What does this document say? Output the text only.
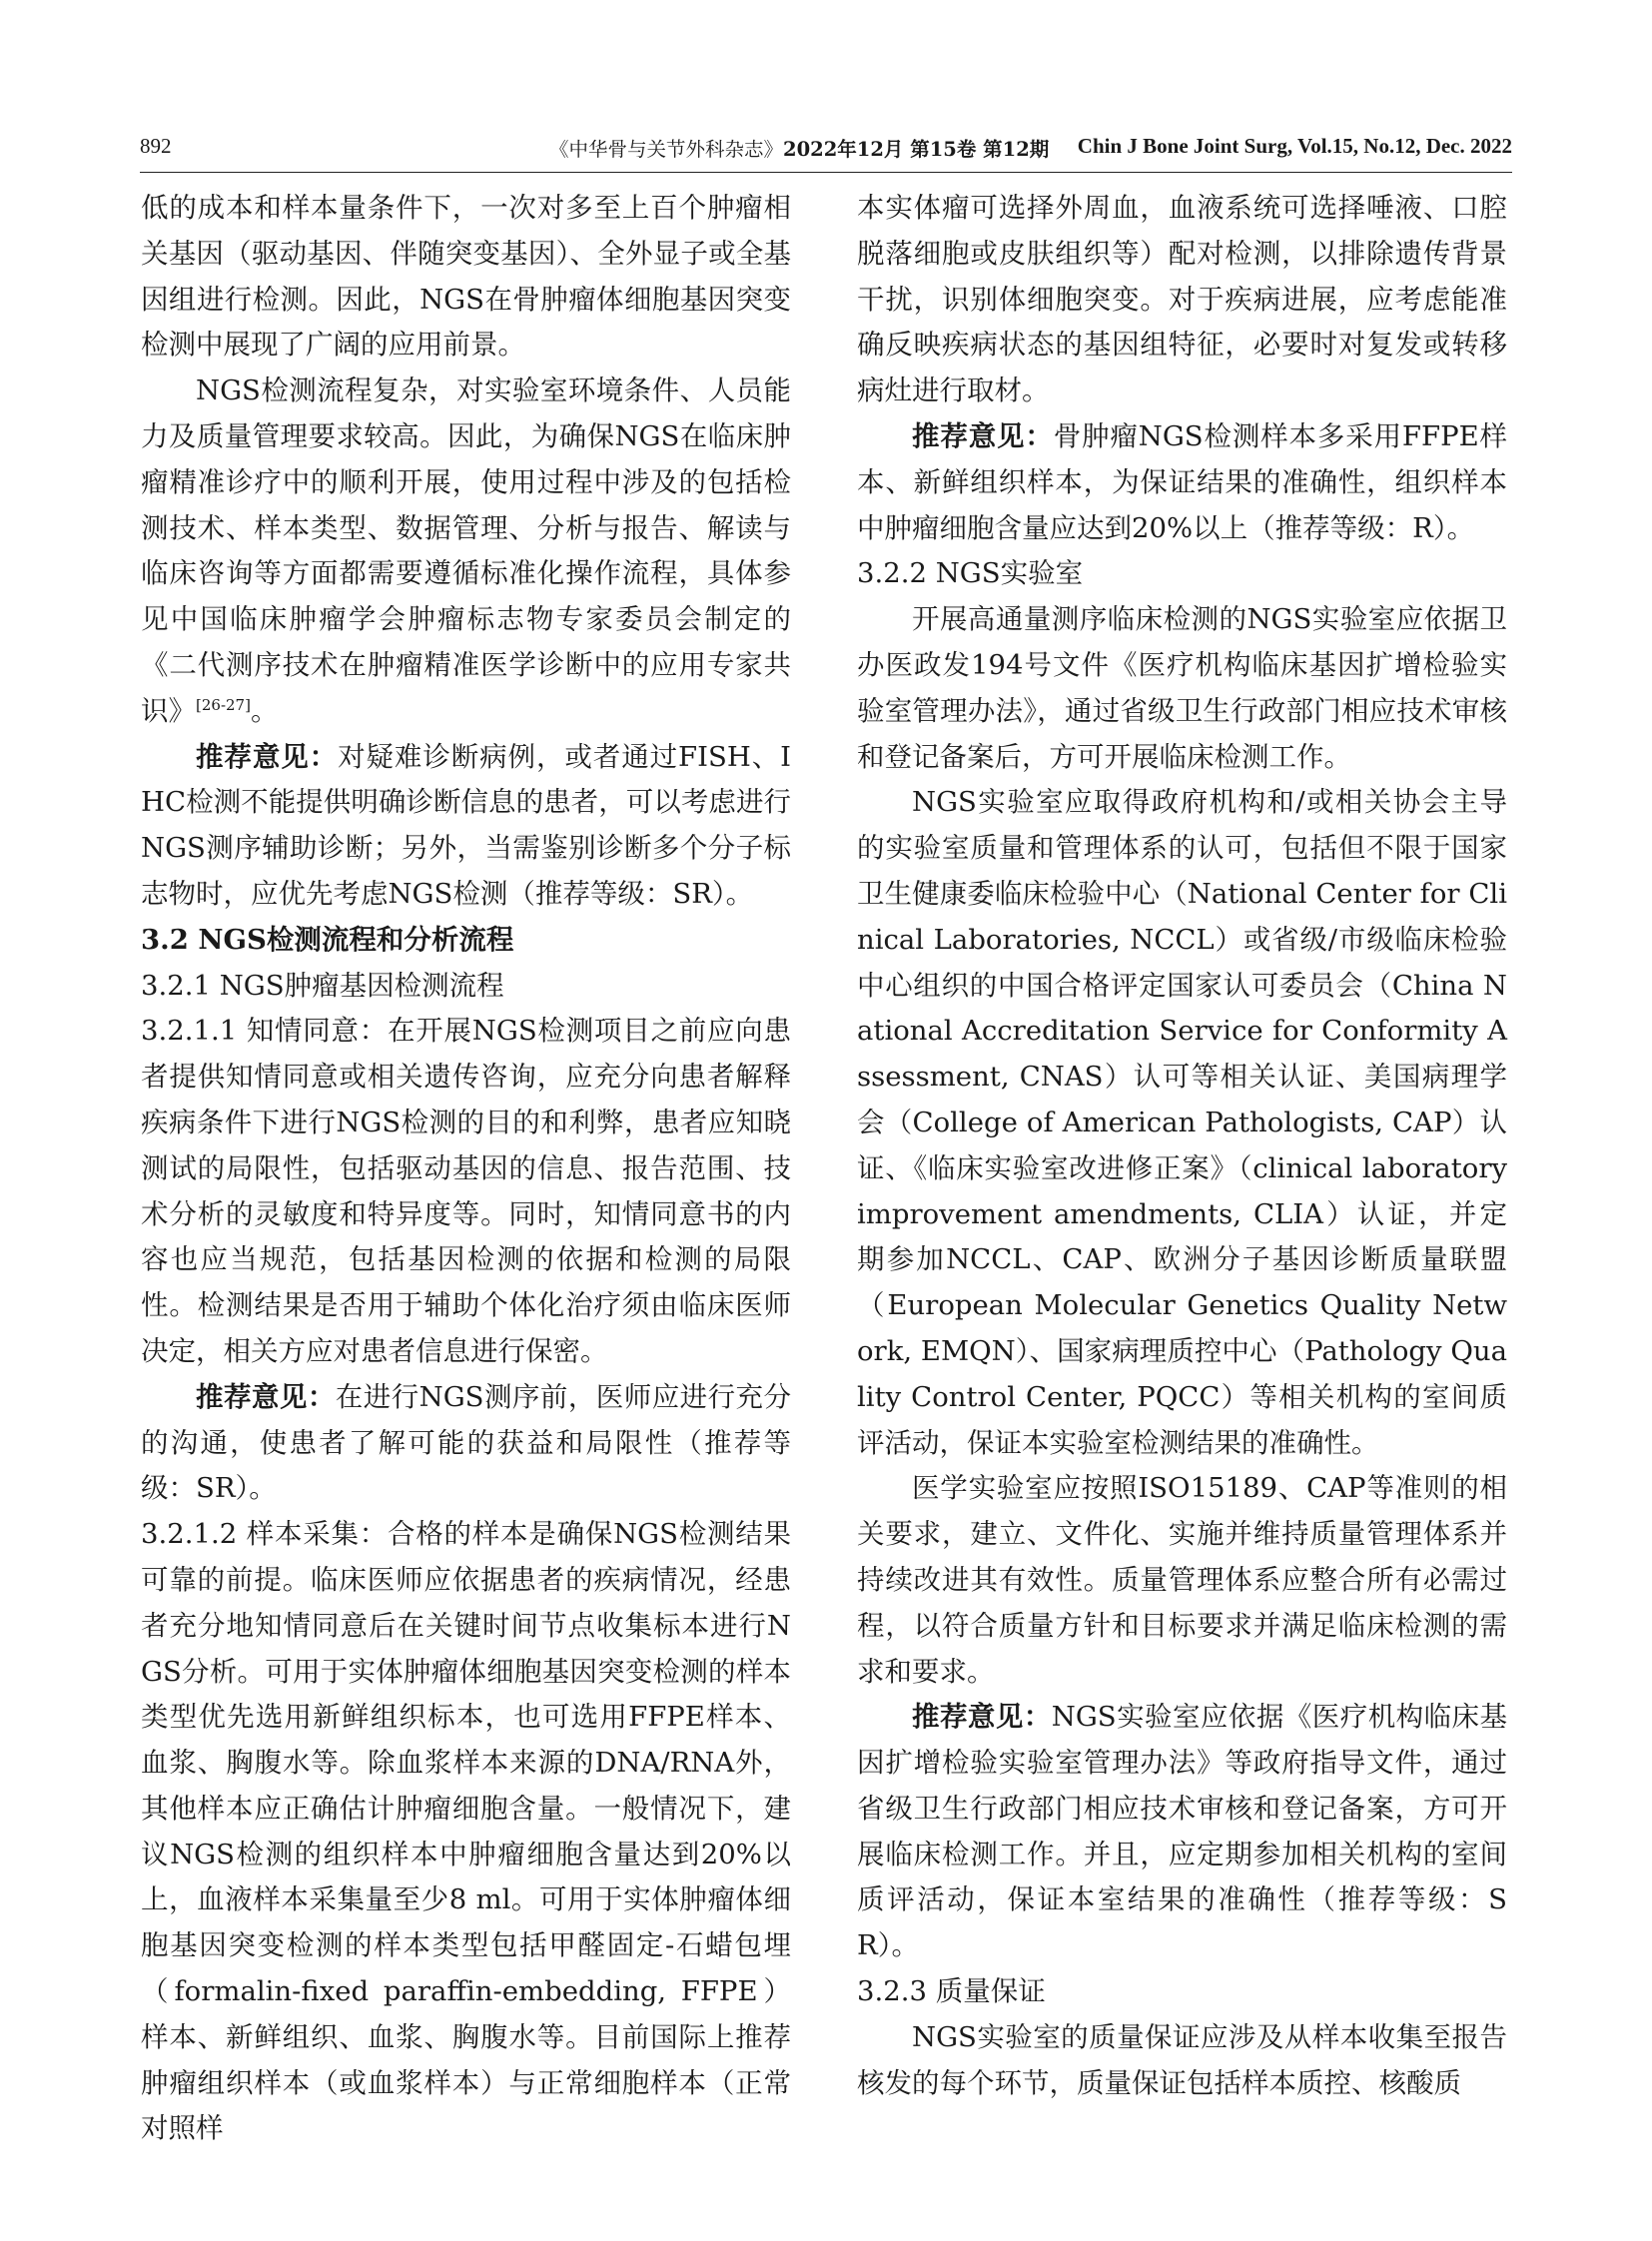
892	《中华骨与关节外科杂志》2022年12月 第15卷 第12期 Chin J Bone Joint Surg, Vol.15, No.12, Dec. 2022

低的成本和样本量条件下，一次对多至上百个肿瘤相关基因（驱动基因、伴随突变基因）、全外显子或全基因组进行检测。因此，NGS在骨肿瘤体细胞基因突变检测中展现了广阔的应用前景。

NGS检测流程复杂，对实验室环境条件、人员能力及质量管理要求较高。因此，为确保NGS在临床肿瘤精准诊疗中的顺利开展，使用过程中涉及的包括检测技术、样本类型、数据管理、分析与报告、解读与临床咨询等方面都需要遵循标准化操作流程，具体参见中国临床肿瘤学会肿瘤标志物专家委员会制定的《二代测序技术在肿瘤精准医学诊断中的应用专家共识》[26-27]。

推荐意见：对疑难诊断病例，或者通过FISH、IHC检测不能提供明确诊断信息的患者，可以考虑进行NGS测序辅助诊断；另外，当需鉴别诊断多个分子标志物时，应优先考虑NGS检测（推荐等级：SR）。

3.2 NGS检测流程和分析流程

3.2.1 NGS肿瘤基因检测流程

3.2.1.1 知情同意：在开展NGS检测项目之前应向患者提供知情同意或相关遗传咨询，应充分向患者解释疾病条件下进行NGS检测的目的和利弊，患者应知晓测试的局限性，包括驱动基因的信息、报告范围、技术分析的灵敏度和特异度等。同时，知情同意书的内容也应当规范，包括基因检测的依据和检测的局限性。检测结果是否用于辅助个体化治疗须由临床医师决定，相关方应对患者信息进行保密。

推荐意见：在进行NGS测序前，医师应进行充分的沟通，使患者了解可能的获益和局限性（推荐等级：SR）。

3.2.1.2 样本采集：合格的样本是确保NGS检测结果可靠的前提。临床医师应依据患者的疾病情况，经患者充分地知情同意后在关键时间节点收集标本进行NGS分析。可用于实体肿瘤体细胞基因突变检测的样本类型优先选用新鲜组织标本，也可选用FFPE样本、血浆、胸腹水等。除血浆样本来源的DNA/RNA外，其他样本应正确估计肿瘤细胞含量。一般情况下，建议NGS检测的组织样本中肿瘤细胞含量达到20%以上，血液样本采集量至少8 ml。可用于实体肿瘤体细胞基因突变检测的样本类型包括甲醛固定-石蜡包埋（formalin-fixed paraffin-embedding, FFPE）样本、新鲜组织、血浆、胸腹水等。目前国际上推荐肿瘤组织样本（或血浆样本）与正常细胞样本（正常对照样

本实体瘤可选择外周血，血液系统可选择唾液、口腔脱落细胞或皮肤组织等）配对检测，以排除遗传背景干扰，识别体细胞突变。对于疾病进展，应考虑能准确反映疾病状态的基因组特征，必要时对复发或转移病灶进行取材。

推荐意见：骨肿瘤NGS检测样本多采用FFPE样本、新鲜组织样本，为保证结果的准确性，组织样本中肿瘤细胞含量应达到20%以上（推荐等级：R）。

3.2.2 NGS实验室

开展高通量测序临床检测的NGS实验室应依据卫办医政发194号文件《医疗机构临床基因扩增检验实验室管理办法》，通过省级卫生行政部门相应技术审核和登记备案后，方可开展临床检测工作。

NGS实验室应取得政府机构和/或相关协会主导的实验室质量和管理体系的认可，包括但不限于国家卫生健康委临床检验中心（National Center for Clinical Laboratories, NCCL）或省级/市级临床检验中心组织的中国合格评定国家认可委员会（China National Accreditation Service for Conformity Assessment, CNAS）认可等相关认证、美国病理学会（College of American Pathologists, CAP）认证、《临床实验室改进修正案》（clinical laboratory improvement amendments, CLIA）认证，并定期参加NCCL、CAP、欧洲分子基因诊断质量联盟（European Molecular Genetics Quality Network, EMQN）、国家病理质控中心（Pathology Quality Control Center, PQCC）等相关机构的室间质评活动，保证本实验室检测结果的准确性。

医学实验室应按照ISO15189、CAP等准则的相关要求，建立、文件化、实施并维持质量管理体系并持续改进其有效性。质量管理体系应整合所有必需过程，以符合质量方针和目标要求并满足临床检测的需求和要求。

推荐意见：NGS实验室应依据《医疗机构临床基因扩增检验实验室管理办法》等政府指导文件，通过省级卫生行政部门相应技术审核和登记备案，方可开展临床检测工作。并且，应定期参加相关机构的室间质评活动，保证本室结果的准确性（推荐等级：SR）。

3.2.3 质量保证

NGS实验室的质量保证应涉及从样本收集至报告核发的每个环节，质量保证包括样本质控、核酸质
